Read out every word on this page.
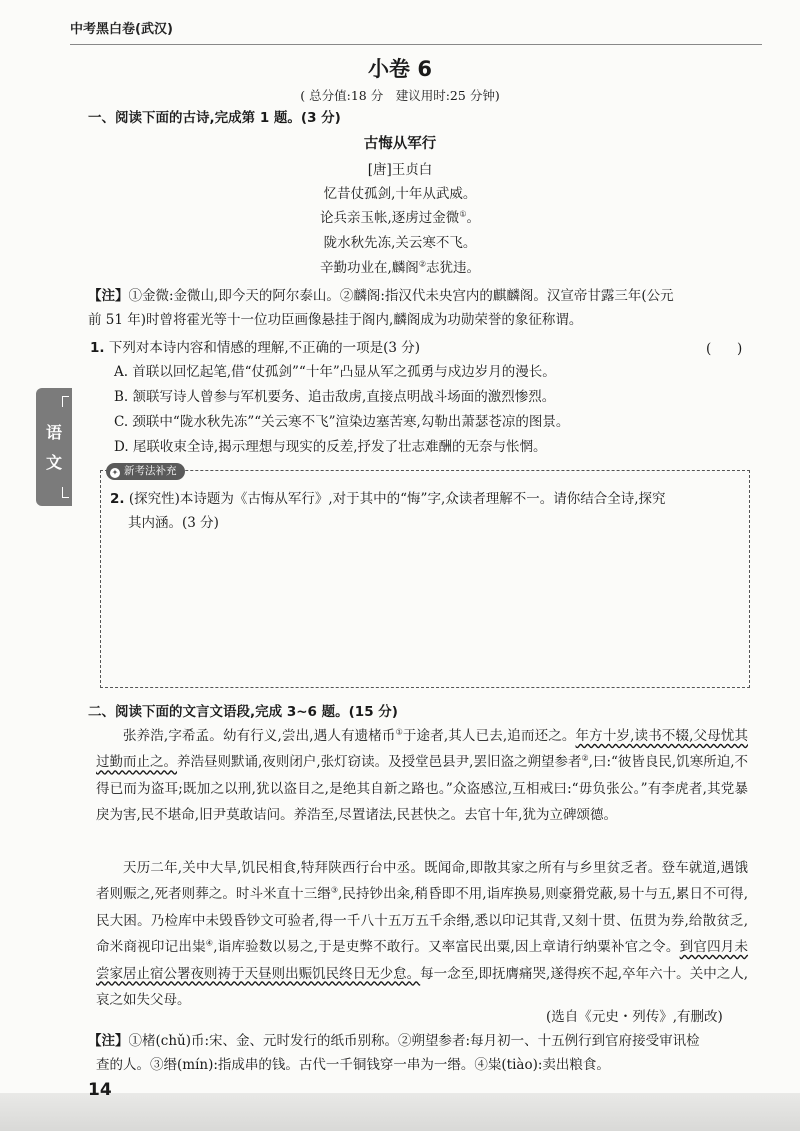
中考黑白卷(武汉)
语
文
小卷 6
( 总分值:18 分　建议用时:25 分钟)
一、阅读下面的古诗,完成第 1 题。(3 分)
古悔从军行
[唐]王贞白
忆昔仗孤剑,十年从武威。
论兵亲玉帐,逐虏过金微①。
陇水秋先冻,关云寒不飞。
辛勤功业在,麟阁②志犹违。
【注】①金微:金微山,即今天的阿尔泰山。②麟阁:指汉代未央宫内的麒麟阁。汉宣帝甘露三年(公元
前 51 年)时曾将霍光等十一位功臣画像悬挂于阁内,麟阁成为功勋荣誉的象征称谓。
1. 下列对本诗内容和情感的理解,不正确的一项是(3 分)	(      )
A. 首联以回忆起笔,借“仗孤剑”“十年”凸显从军之孤勇与戍边岁月的漫长。
B. 颔联写诗人曾参与军机要务、追击敌虏,直接点明战斗场面的激烈惨烈。
C. 颈联中“陇水秋先冻”“关云寒不飞”渲染边塞苦寒,勾勒出萧瑟苍凉的图景。
D. 尾联收束全诗,揭示理想与现实的反差,抒发了壮志难酬的无奈与怅惘。
✦ 新考法补充
2. (探究性)本诗题为《古悔从军行》,对于其中的“悔”字,众读者理解不一。请你结合全诗,探究
其内涵。(3 分)
二、阅读下面的文言文语段,完成 3~6 题。(15 分)
张养浩,字希孟。幼有行义,尝出,遇人有遗楮币①于途者,其人已去,追而还之。年方十岁,读书不辍,父母忧其过勤而止之。养浩昼则默诵,夜则闭户,张灯窃读。及授堂邑县尹,罢旧盗之朔望参者②,曰:“彼皆良民,饥寒所迫,不得已而为盗耳;既加之以刑,犹以盗目之,是绝其自新之路也。”众盗感泣,互相戒曰:“毋负张公。”有李虎者,其党暴戾为害,民不堪命,旧尹莫敢诘问。养浩至,尽置诸法,民甚快之。去官十年,犹为立碑颂德。
天历二年,关中大旱,饥民相食,特拜陕西行台中丞。既闻命,即散其家之所有与乡里贫乏者。登车就道,遇饿者则赈之,死者则葬之。时斗米直十三缗③,民持钞出籴,稍昏即不用,诣库换易,则豪猾党蔽,易十与五,累日不可得,民大困。乃检库中未毁昏钞文可验者,得一千八十五万五千余缗,悉以印记其背,又刻十贯、伍贯为券,给散贫乏,命米商视印记出粜④,诣库验数以易之,于是吏弊不敢行。又率富民出粟,因上章请行纳粟补官之令。到官四月未尝家居止宿公署夜则祷于天昼则出赈饥民终日无少怠。每一念至,即抚膺痛哭,遂得疾不起,卒年六十。关中之人,哀之如失父母。
(选自《元史・列传》,有删改)
【注】①楮(chǔ)币:宋、金、元时发行的纸币别称。②朔望参者:每月初一、十五例行到官府接受审讯检
查的人。③缗(mín):指成串的钱。古代一千铜钱穿一串为一缗。④粜(tiào):卖出粮食。
14
